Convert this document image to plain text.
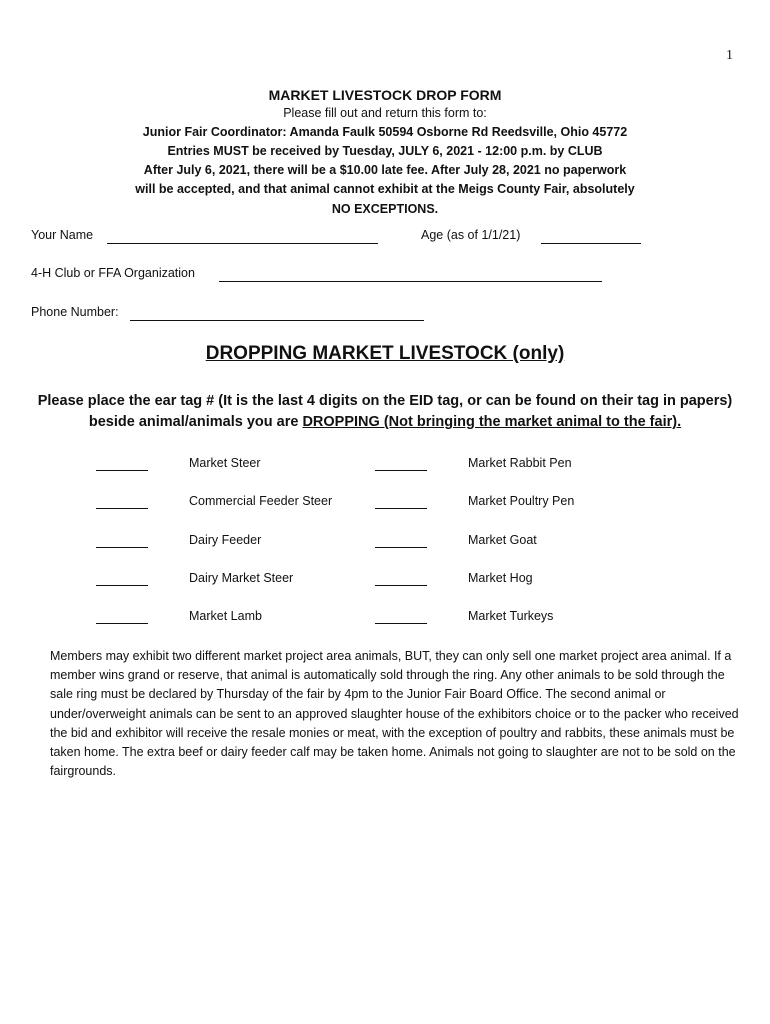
1
MARKET LIVESTOCK DROP FORM
Please fill out and return this form to:
Junior Fair Coordinator: Amanda Faulk 50594 Osborne Rd Reedsville, Ohio 45772
Entries MUST be received by Tuesday, JULY 6, 2021 - 12:00 p.m. by CLUB
After July 6, 2021, there will be a $10.00 late fee. After July 28, 2021 no paperwork
will be accepted, and that animal cannot exhibit at the Meigs County Fair, absolutely
NO EXCEPTIONS.
Your Name	Age (as of 1/1/21)
4-H Club or FFA Organization
Phone Number:
DROPPING MARKET LIVESTOCK (only)
Please place the ear tag # (It is the last 4 digits on the EID tag, or can be found on their tag in papers) beside animal/animals you are DROPPING (Not bringing the market animal to the fair).
Market Steer	Market Rabbit Pen
Commercial Feeder Steer	Market Poultry Pen
Dairy Feeder	Market Goat
Dairy Market Steer	Market Hog
Market Lamb	Market Turkeys
Members may exhibit two different market project area animals, BUT, they can only sell one market project area animal. If a member wins grand or reserve, that animal is automatically sold through the ring. Any other animals to be sold through the sale ring must be declared by Thursday of the fair by 4pm to the Junior Fair Board Office. The second animal or under/overweight animals can be sent to an approved slaughter house of the exhibitors choice or to the packer who received the bid and exhibitor will receive the resale monies or meat, with the exception of poultry and rabbits, these animals must be taken home. The extra beef or dairy feeder calf may be taken home. Animals not going to slaughter are not to be sold on the fairgrounds.
